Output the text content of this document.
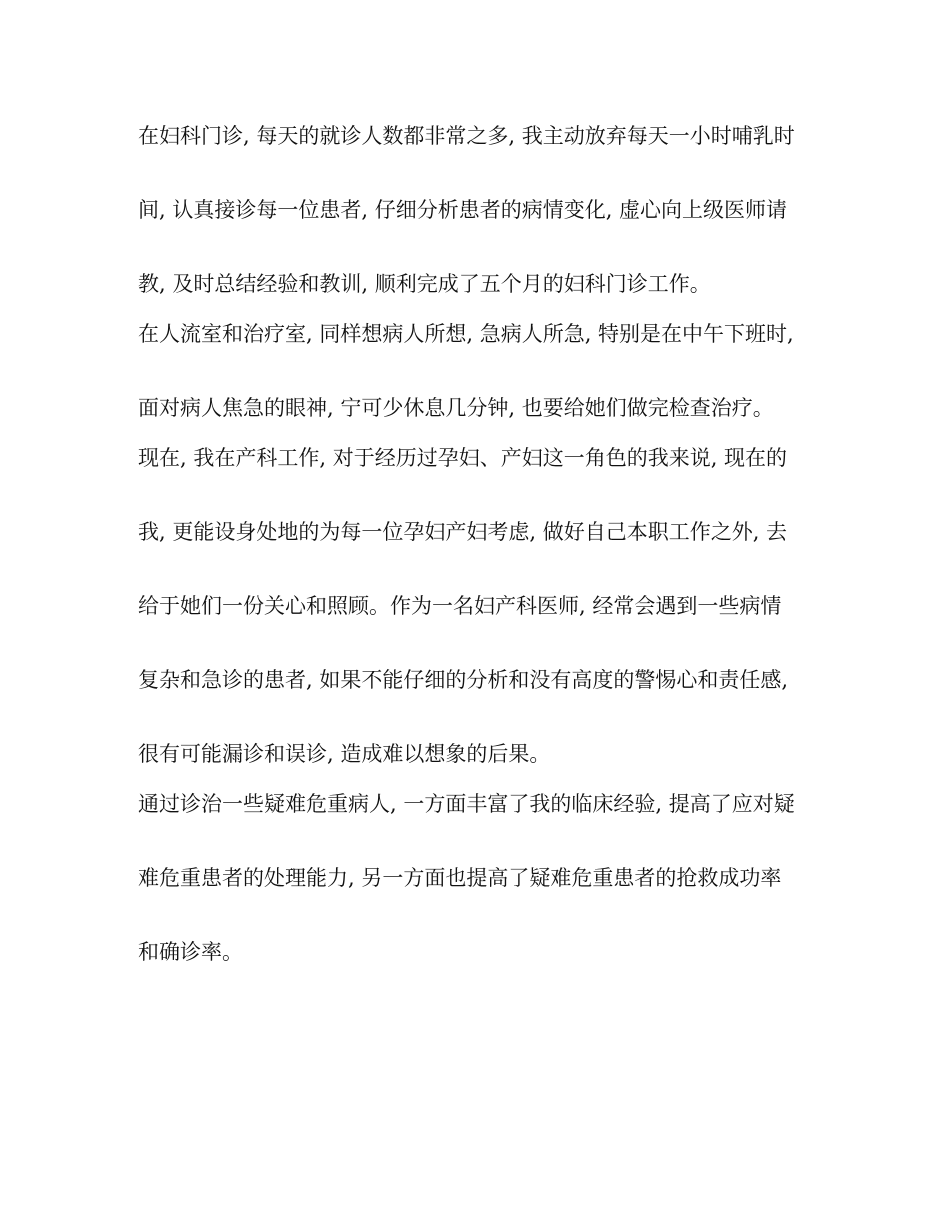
在妇科门诊, 每天的就诊人数都非常之多, 我主动放弃每天一小时哺乳时
间, 认真接诊每一位患者, 仔细分析患者的病情变化, 虚心向上级医师请
教, 及时总结经验和教训, 顺利完成了五个月的妇科门诊工作。
在人流室和治疗室, 同样想病人所想, 急病人所急, 特别是在中午下班时,
面对病人焦急的眼神, 宁可少休息几分钟, 也要给她们做完检查治疗。
现在, 我在产科工作, 对于经历过孕妇、产妇这一角色的我来说, 现在的
我, 更能设身处地的为每一位孕妇产妇考虑, 做好自己本职工作之外, 去
给于她们一份关心和照顾。作为一名妇产科医师, 经常会遇到一些病情
复杂和急诊的患者, 如果不能仔细的分析和没有高度的警惕心和责任感,
很有可能漏诊和误诊, 造成难以想象的后果。
通过诊治一些疑难危重病人, 一方面丰富了我的临床经验, 提高了应对疑
难危重患者的处理能力, 另一方面也提高了疑难危重患者的抢救成功率
和确诊率。
